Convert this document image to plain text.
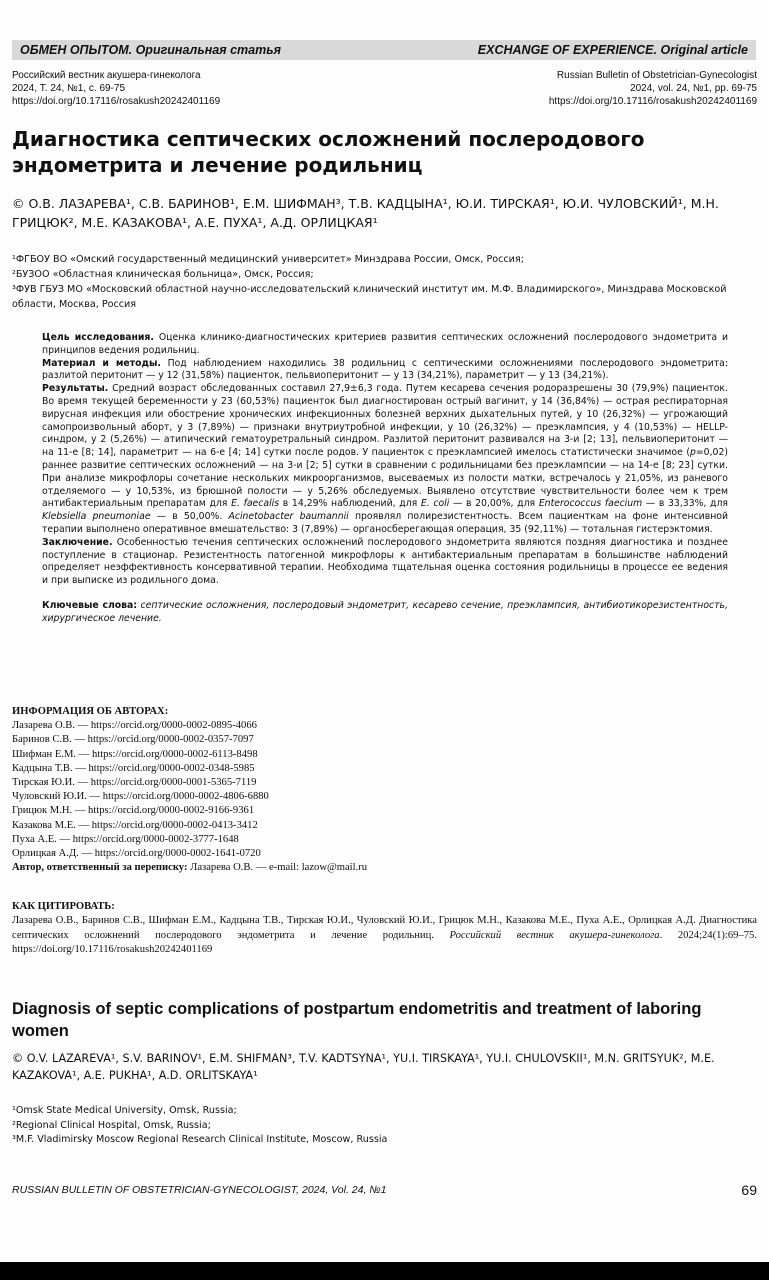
ОБМЕН ОПЫТОМ. Оригинальная статья	EXCHANGE OF EXPERIENCE. Original article
Российский вестник акушера-гинеколога
2024, Т. 24, №1, с. 69-75
https://doi.org/10.17116/rosakush20242401169
Russian Bulletin of Obstetrician-Gynecologist
2024, vol. 24, №1, pp. 69-75
https://doi.org/10.17116/rosakush20242401169
Диагностика септических осложнений послеродового эндометрита и лечение родильниц

© О.В. ЛАЗАРЕВА¹, С.В. БАРИНОВ¹, Е.М. ШИФМАН³, Т.В. КАДЦЫНА¹, Ю.И. ТИРСКАЯ¹, Ю.И. ЧУЛОВСКИЙ¹, М.Н. ГРИЦЮК², М.Е. КАЗАКОВА¹, А.Е. ПУХА¹, А.Д. ОРЛИЦКАЯ¹

¹ФГБОУ ВО «Омский государственный медицинский университет» Минздрава России, Омск, Россия;

²БУЗОО «Областная клиническая больница», Омск, Россия;

³ФУВ ГБУЗ МО «Московский областной научно-исследовательский клинический институт им. М.Ф. Владимирского», Минздрава Московской области, Москва, Россия

Цель исследования. Оценка клинико-диагностических критериев развития септических осложнений послеродового эндометрита и принципов ведения родильниц.

Материал и методы. Под наблюдением находились 38 родильниц с септическими осложнениями послеродового эндометрита: разлитой перитонит — у 12 (31,58%) пациенток, пельвиоперитонит — у 13 (34,21%), параметрит — у 13 (34,21%).

Результаты. Средний возраст обследованных составил 27,9±6,3 года. Путем кесарева сечения родоразрешены 30 (79,9%) пациенток. Во время текущей беременности у 23 (60,53%) пациенток был диагностирован острый вагинит, у 14 (36,84%) — острая респираторная вирусная инфекция или обострение хронических инфекционных болезней верхних дыхательных путей, у 10 (26,32%) — угрожающий самопроизвольный аборт, у 3 (7,89%) — признаки внутриутробной инфекции, у 10 (26,32%) — преэклампсия, у 4 (10,53%) — HELLP-синдром, у 2 (5,26%) — атипический гематоуретральный синдром. Разлитой перитонит развивался на 3-и [2; 13], пельвиоперитонит — на 11-е [8; 14], параметрит — на 6-е [4; 14] сутки после родов. У пациенток с преэклампсией имелось статистически значимое (p=0,02) раннее развитие септических осложнений — на 3-и [2; 5] сутки в сравнении с родильницами без преэклампсии — на 14-е [8; 23] сутки. При анализе микрофлоры сочетание нескольких микроорганизмов, высеваемых из полости матки, встречалось у 21,05%, из раневого отделяемого — у 10,53%, из брюшной полости — у 5,26% обследуемых. Выявлено отсутствие чувствительности более чем к трем антибактериальным препаратам для E. faecalis в 14,29% наблюдений, для E. coli — в 20,00%, для Enterococcus faecium — в 33,33%, для Klebsiella pneumoniae — в 50,00%. Acinetobacter baumannii проявлял полирезистентность. Всем пациенткам на фоне интенсивной терапии выполнено оперативное вмешательство: 3 (7,89%) — органосберегающая операция, 35 (92,11%) — тотальная гистерэктомия.

Заключение. Особенностью течения септических осложнений послеродового эндометрита являются поздняя диагностика и позднее поступление в стационар. Резистентность патогенной микрофлоры к антибактериальным препаратам в большинстве наблюдений определяет неэффективность консервативной терапии. Необходима тщательная оценка состояния родильницы в процессе ее ведения и при выписке из родильного дома.

Ключевые слова: септические осложнения, послеродовый эндометрит, кесарево сечение, преэклампсия, антибиотикорезистентность, хирургическое лечение.

ИНФОРМАЦИЯ ОБ АВТОРАХ:
Лазарева О.В. — https://orcid.org/0000-0002-0895-4066
Баринов С.В. — https://orcid.org/0000-0002-0357-7097
Шифман Е.М. — https://orcid.org/0000-0002-6113-8498
Кадцына Т.В. — https://orcid.org/0000-0002-0348-5985
Тирская Ю.И. — https://orcid.org/0000-0001-5365-7119
Чуловский Ю.И. — https://orcid.org/0000-0002-4806-6880
Грицюк М.Н. — https://orcid.org/0000-0002-9166-9361
Казакова М.Е. — https://orcid.org/0000-0002-0413-3412
Пуха А.Е. — https://orcid.org/0000-0002-3777-1648
Орлицкая А.Д. — https://orcid.org/0000-0002-1641-0720
Автор, ответственный за переписку: Лазарева О.В. — e-mail: lazow@mail.ru
КАК ЦИТИРОВАТЬ:

Лазарева О.В., Баринов С.В., Шифман Е.М., Кадцына Т.В., Тирская Ю.И., Чуловский Ю.И., Грицюк М.Н., Казакова М.Е., Пуха А.Е., Орлицкая А.Д. Диагностика септических осложнений послеродового эндометрита и лечение родильниц. Российский вестник акушера-гинеколога. 2024;24(1):69–75. https://doi.org/10.17116/rosakush20242401169

Diagnosis of septic complications of postpartum endometritis and treatment of laboring women
© O.V. LAZAREVA¹, S.V. BARINOV¹, E.M. SHIFMAN³, T.V. KADTSYNA¹, YU.I. TIRSKAYA¹, YU.I. CHULOVSKII¹, M.N. GRITSYUK², M.E. KAZAKOVA¹, A.E. PUKHA¹, A.D. ORLITSKAYA¹

¹Omsk State Medical University, Omsk, Russia;

²Regional Clinical Hospital, Omsk, Russia;

³M.F. Vladimirsky Moscow Regional Research Clinical Institute, Moscow, Russia

RUSSIAN BULLETIN OF OBSTETRICIAN-GYNECOLOGIST, 2024, Vol. 24, №1	69
